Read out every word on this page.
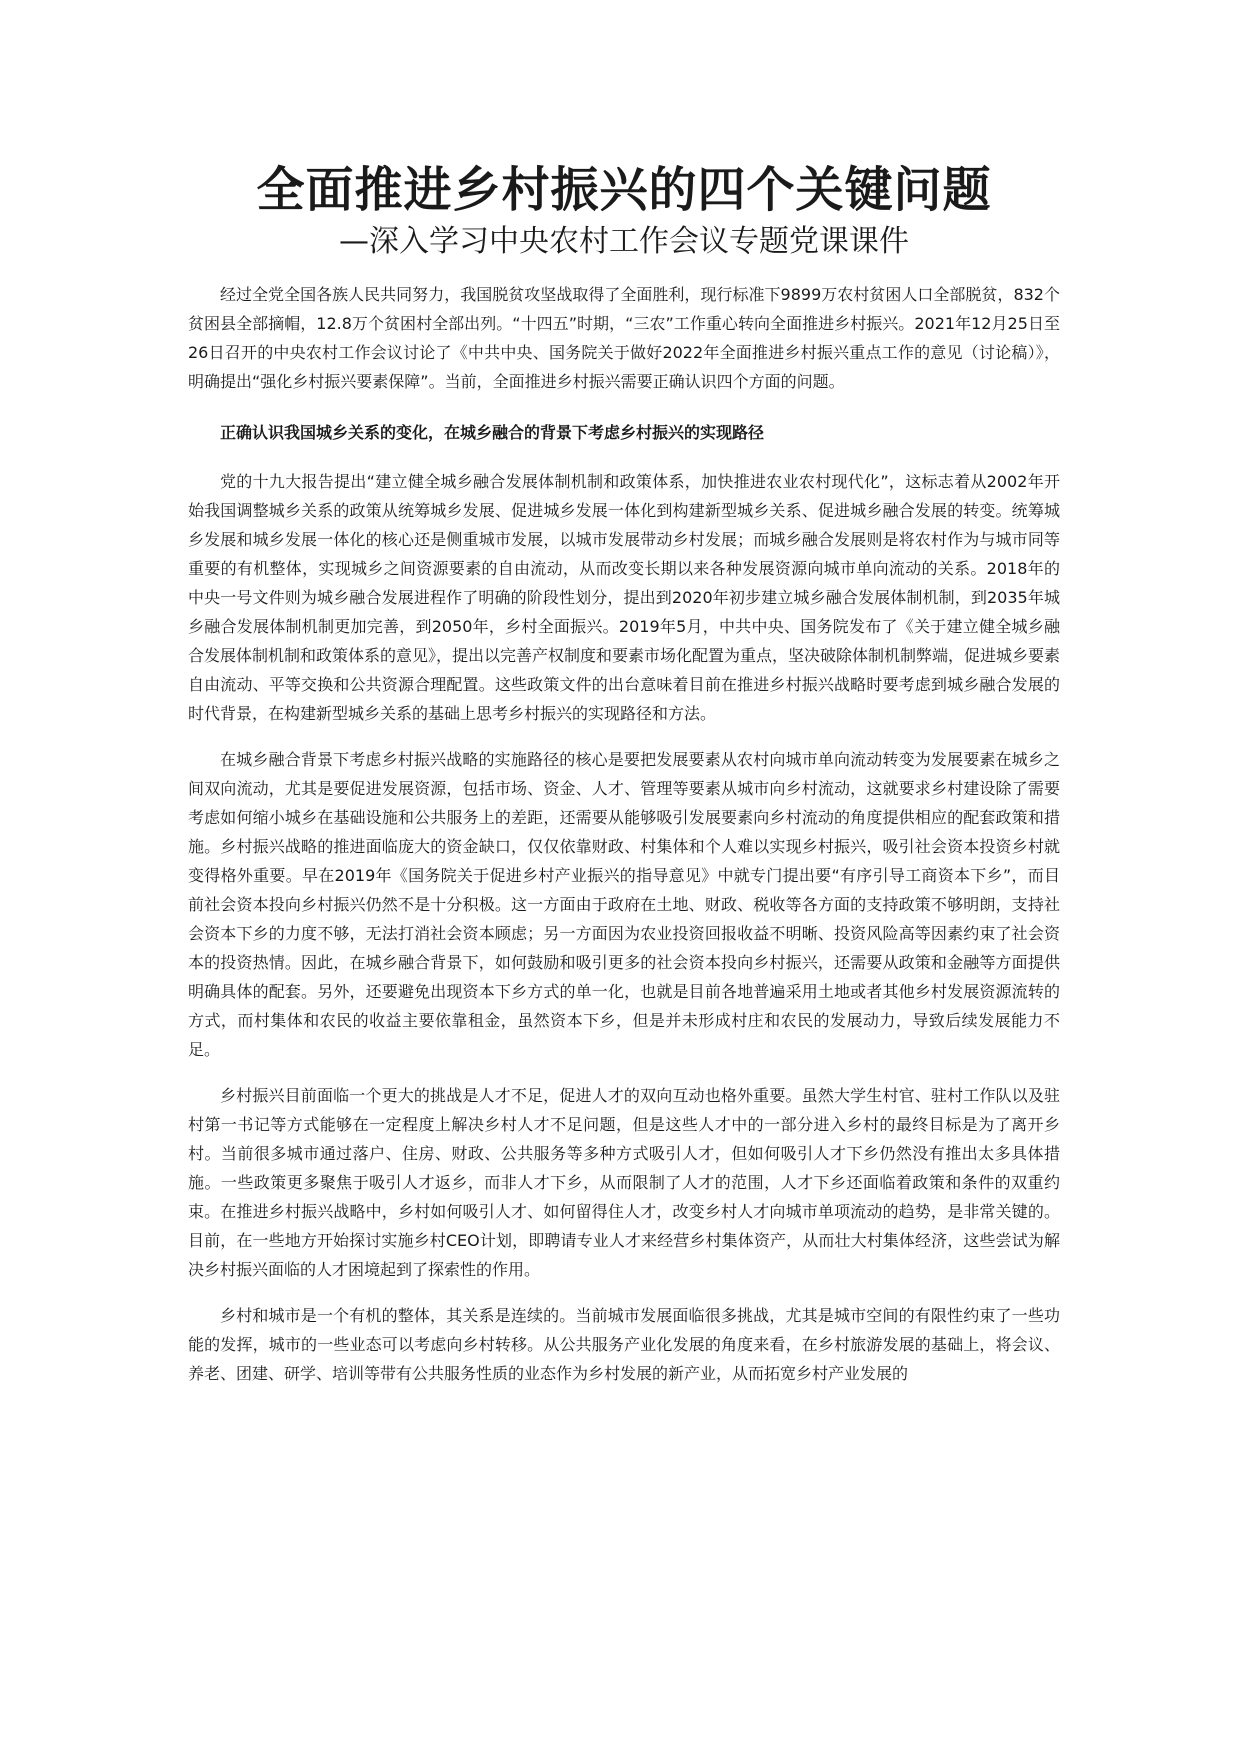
全面推进乡村振兴的四个关键问题
—深入学习中央农村工作会议专题党课课件

经过全党全国各族人民共同努力，我国脱贫攻坚战取得了全面胜利，现行标准下9899万农村贫困人口全部脱贫，832个贫困县全部摘帽，12.8万个贫困村全部出列。“十四五”时期，“三农”工作重心转向全面推进乡村振兴。2021年12月25日至26日召开的中央农村工作会议讨论了《中共中央、国务院关于做好2022年全面推进乡村振兴重点工作的意见（讨论稿）》，明确提出“强化乡村振兴要素保障”。当前，全面推进乡村振兴需要正确认识四个方面的问题。

正确认识我国城乡关系的变化，在城乡融合的背景下考虑乡村振兴的实现路径

党的十九大报告提出“建立健全城乡融合发展体制机制和政策体系，加快推进农业农村现代化”，这标志着从2002年开始我国调整城乡关系的政策从统筹城乡发展、促进城乡发展一体化到构建新型城乡关系、促进城乡融合发展的转变。统筹城乡发展和城乡发展一体化的核心还是侧重城市发展，以城市发展带动乡村发展；而城乡融合发展则是将农村作为与城市同等重要的有机整体，实现城乡之间资源要素的自由流动，从而改变长期以来各种发展资源向城市单向流动的关系。2018年的中央一号文件则为城乡融合发展进程作了明确的阶段性划分，提出到2020年初步建立城乡融合发展体制机制，到2035年城乡融合发展体制机制更加完善，到2050年，乡村全面振兴。2019年5月，中共中央、国务院发布了《关于建立健全城乡融合发展体制机制和政策体系的意见》，提出以完善产权制度和要素市场化配置为重点，坚决破除体制机制弊端，促进城乡要素自由流动、平等交换和公共资源合理配置。这些政策文件的出台意味着目前在推进乡村振兴战略时要考虑到城乡融合发展的时代背景，在构建新型城乡关系的基础上思考乡村振兴的实现路径和方法。

在城乡融合背景下考虑乡村振兴战略的实施路径的核心是要把发展要素从农村向城市单向流动转变为发展要素在城乡之间双向流动，尤其是要促进发展资源，包括市场、资金、人才、管理等要素从城市向乡村流动，这就要求乡村建设除了需要考虑如何缩小城乡在基础设施和公共服务上的差距，还需要从能够吸引发展要素向乡村流动的角度提供相应的配套政策和措施。乡村振兴战略的推进面临庞大的资金缺口，仅仅依靠财政、村集体和个人难以实现乡村振兴，吸引社会资本投资乡村就变得格外重要。早在2019年《国务院关于促进乡村产业振兴的指导意见》中就专门提出要“有序引导工商资本下乡”，而目前社会资本投向乡村振兴仍然不是十分积极。这一方面由于政府在土地、财政、税收等各方面的支持政策不够明朗，支持社会资本下乡的力度不够，无法打消社会资本顾虑；另一方面因为农业投资回报收益不明晰、投资风险高等因素约束了社会资本的投资热情。因此，在城乡融合背景下，如何鼓励和吸引更多的社会资本投向乡村振兴，还需要从政策和金融等方面提供明确具体的配套。另外，还要避免出现资本下乡方式的单一化，也就是目前各地普遍采用土地或者其他乡村发展资源流转的方式，而村集体和农民的收益主要依靠租金，虽然资本下乡，但是并未形成村庄和农民的发展动力，导致后续发展能力不足。

乡村振兴目前面临一个更大的挑战是人才不足，促进人才的双向互动也格外重要。虽然大学生村官、驻村工作队以及驻村第一书记等方式能够在一定程度上解决乡村人才不足问题，但是这些人才中的一部分进入乡村的最终目标是为了离开乡村。当前很多城市通过落户、住房、财政、公共服务等多种方式吸引人才，但如何吸引人才下乡仍然没有推出太多具体措施。一些政策更多聚焦于吸引人才返乡，而非人才下乡，从而限制了人才的范围，人才下乡还面临着政策和条件的双重约束。在推进乡村振兴战略中，乡村如何吸引人才、如何留得住人才，改变乡村人才向城市单项流动的趋势，是非常关键的。目前，在一些地方开始探讨实施乡村CEO计划，即聘请专业人才来经营乡村集体资产，从而壮大村集体经济，这些尝试为解决乡村振兴面临的人才困境起到了探索性的作用。

乡村和城市是一个有机的整体，其关系是连续的。当前城市发展面临很多挑战，尤其是城市空间的有限性约束了一些功能的发挥，城市的一些业态可以考虑向乡村转移。从公共服务产业化发展的角度来看，在乡村旅游发展的基础上，将会议、养老、团建、研学、培训等带有公共服务性质的业态作为乡村发展的新产业，从而拓宽乡村产业发展的
